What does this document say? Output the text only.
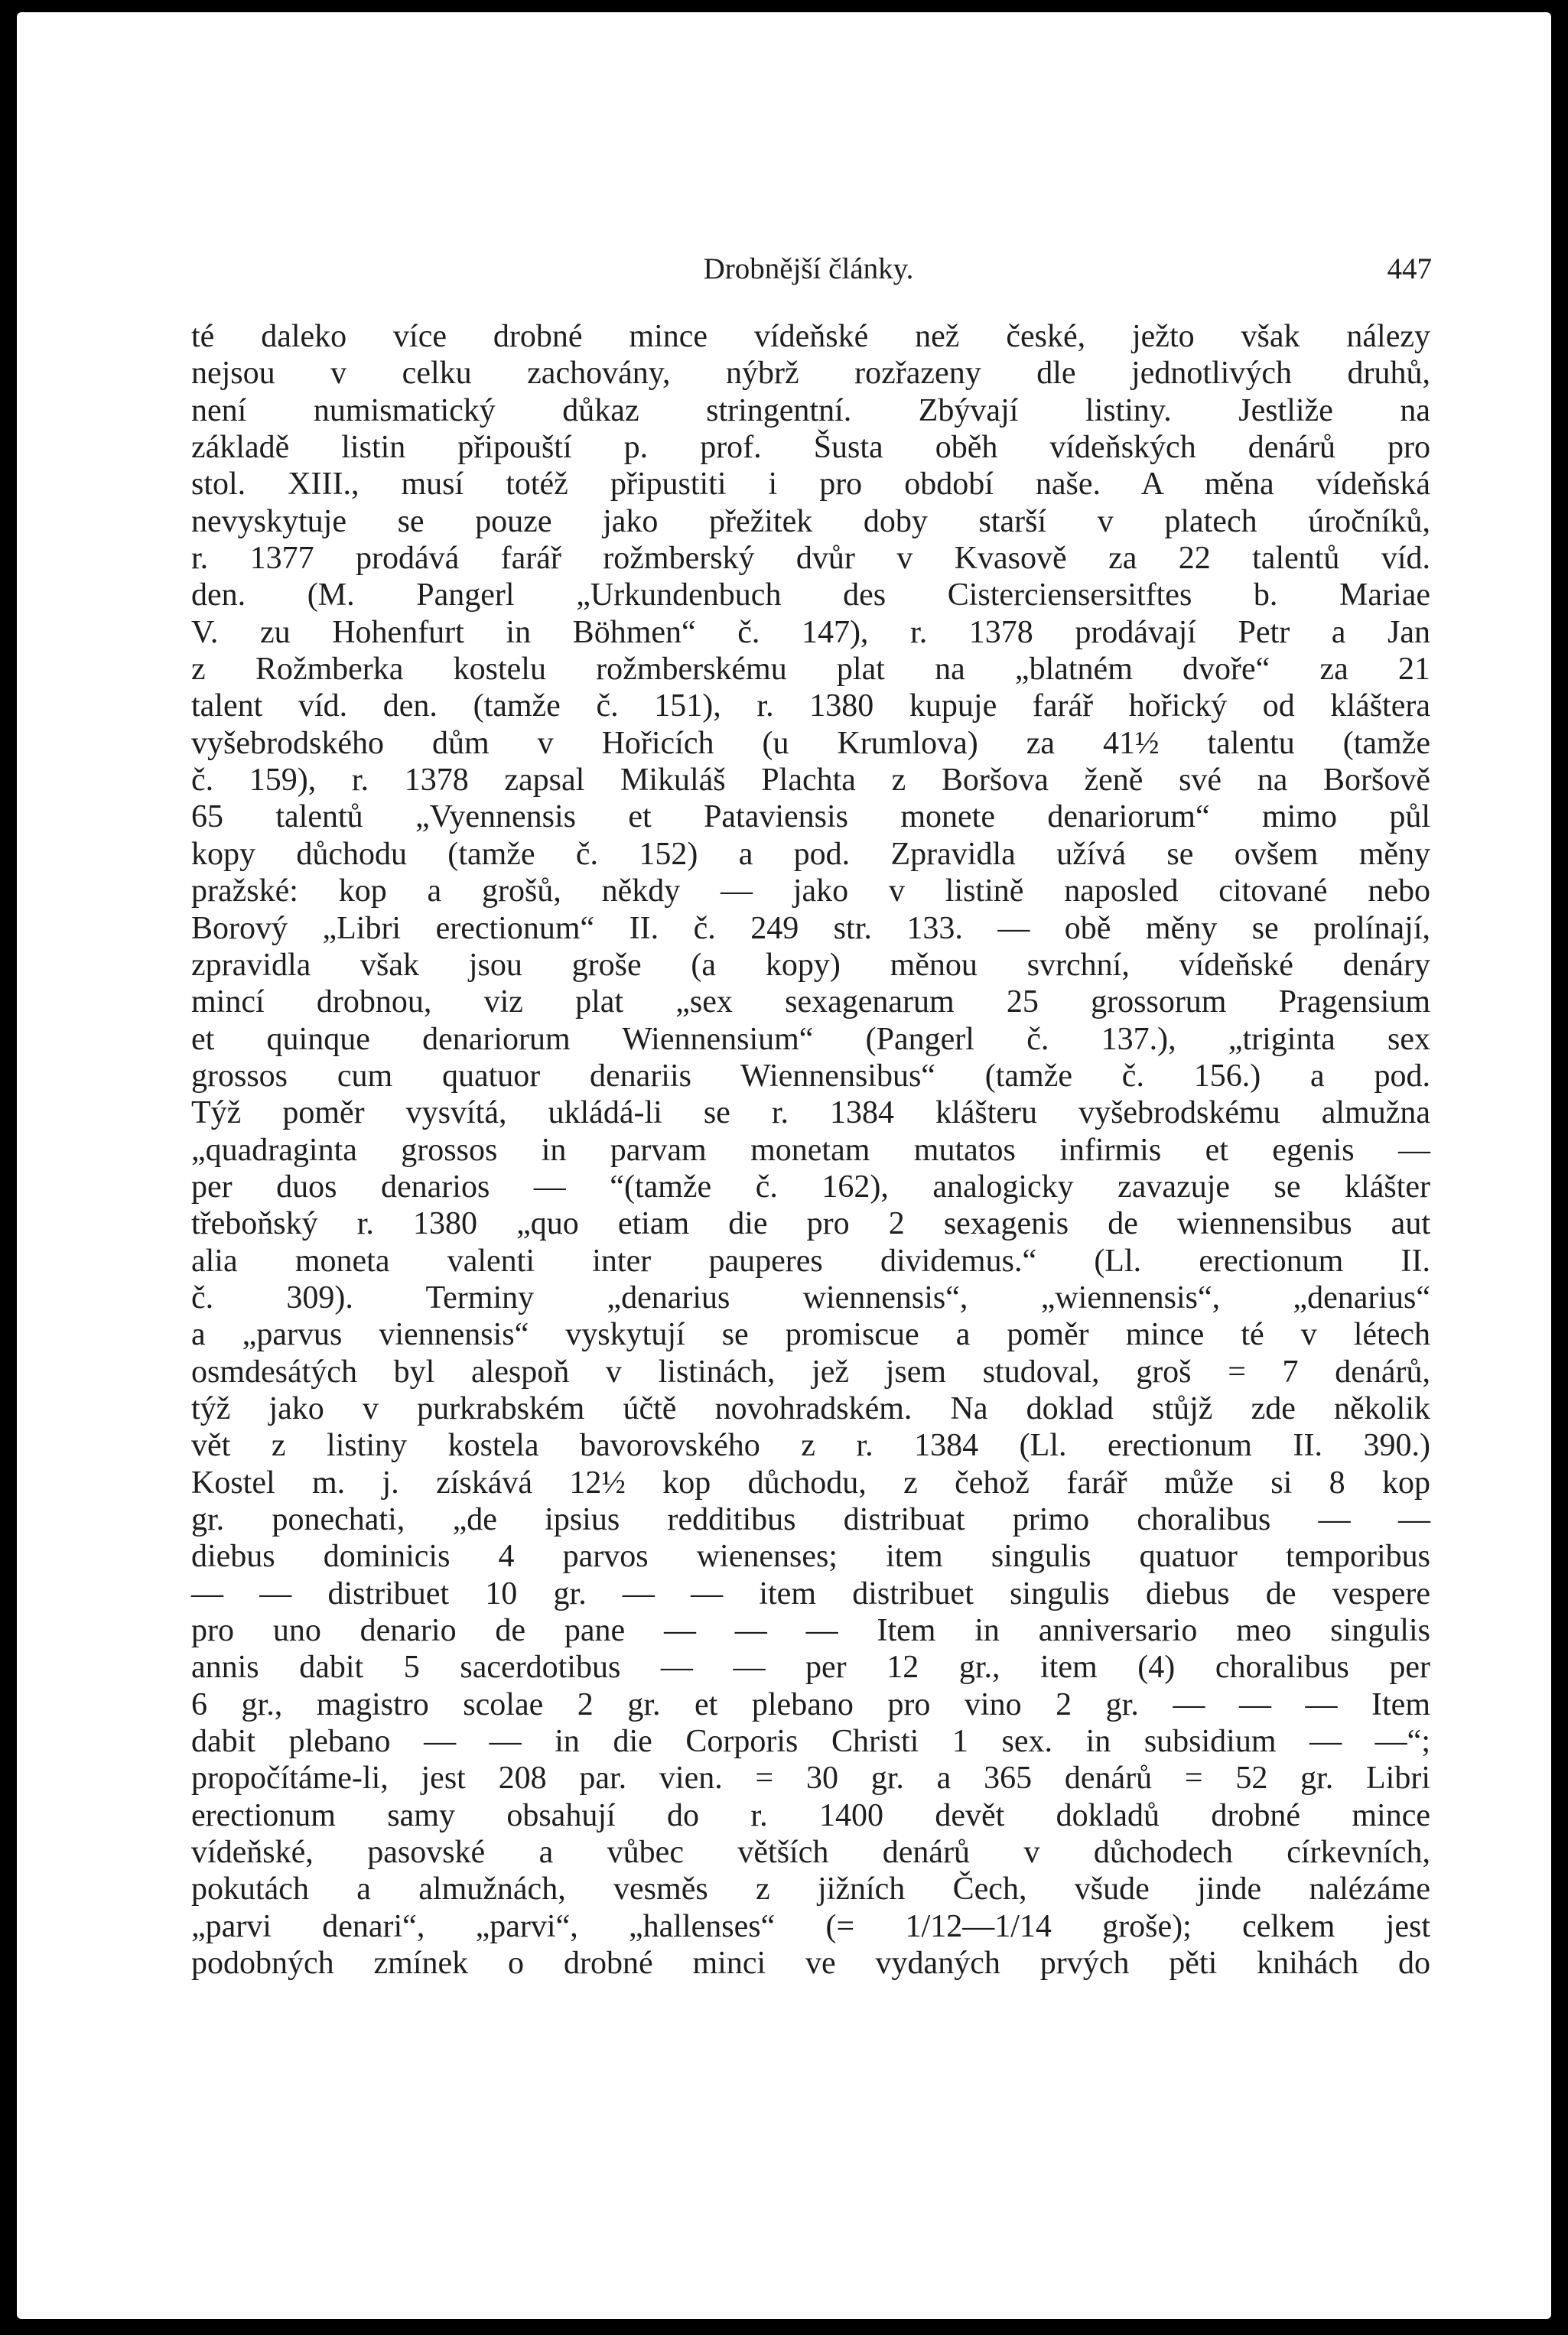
Drobnější články.	447
té daleko více drobné mince vídeňské než české, ježto však nálezy
nejsou v celku zachovány, nýbrž rozřazeny dle jednotlivých druhů,
není numismatický důkaz stringentní. Zbývají listiny. Jestliže na
základě listin připouští p. prof. Šusta oběh vídeňských denárů pro
stol. XIII., musí totéž připustiti i pro období naše. A měna vídeňská
nevyskytuje se pouze jako přežitek doby starší v platech úročníků,
r. 1377 prodává farář rožmberský dvůr v Kvasově za 22 talentů víd.
den. (M. Pangerl „Urkundenbuch des Cisterciensersitftes b. Mariae
V. zu Hohenfurt in Böhmen“ č. 147), r. 1378 prodávají Petr a Jan
z Rožmberka kostelu rožmberskému plat na „blatném dvoře“ za 21
talent víd. den. (tamže č. 151), r. 1380 kupuje farář hořický od kláštera
vyšebrodského dům v Hořicích (u Krumlova) za 41½ talentu (tamže
č. 159), r. 1378 zapsal Mikuláš Plachta z Boršova ženě své na Boršově
65 talentů „Vyennensis et Pataviensis monete denariorum“ mimo půl
kopy důchodu (tamže č. 152) a pod. Zpravidla užívá se ovšem měny
pražské: kop a grošů, někdy — jako v listině naposled citované nebo
Borový „Libri erectionum“ II. č. 249 str. 133. — obě měny se prolínají,
zpravidla však jsou groše (a kopy) měnou svrchní, vídeňské denáry
mincí drobnou, viz plat „sex sexagenarum 25 grossorum Pragensium
et quinque denariorum Wiennensium“ (Pangerl č. 137.), „triginta sex
grossos cum quatuor denariis Wiennensibus“ (tamže č. 156.) a pod.
Týž poměr vysvítá, ukládá-li se r. 1384 klášteru vyšebrodskému almužna
„quadraginta grossos in parvam monetam mutatos infirmis et egenis —
per duos denarios — “(tamže č. 162), analogicky zavazuje se klášter
třeboňský r. 1380 „quo etiam die pro 2 sexagenis de wiennensibus aut
alia moneta valenti inter pauperes dividemus.“ (Ll. erectionum II.
č. 309). Terminy „denarius wiennensis“, „wiennensis“, „denarius“
a „parvus viennensis“ vyskytují se promiscue a poměr mince té v létech
osmdesátých byl alespoň v listinách, jež jsem studoval, groš = 7 denárů,
týž jako v purkrabském účtě novohradském. Na doklad stůjž zde několik
vět z listiny kostela bavorovského z r. 1384 (Ll. erectionum II. 390.)
Kostel m. j. získává 12½ kop důchodu, z čehož farář může si 8 kop
gr. ponechati, „de ipsius redditibus distribuat primo choralibus — —
diebus dominicis 4 parvos wienenses; item singulis quatuor temporibus
— — distribuet 10 gr. — — item distribuet singulis diebus de vespere
pro uno denario de pane — — — Item in anniversario meo singulis
annis dabit 5 sacerdotibus — — per 12 gr., item (4) choralibus per
6 gr., magistro scolae 2 gr. et plebano pro vino 2 gr. — — — Item
dabit plebano — — in die Corporis Christi 1 sex. in subsidium — —“;
propočítáme-li, jest 208 par. vien. = 30 gr. a 365 denárů = 52 gr. Libri
erectionum samy obsahují do r. 1400 devět dokladů drobné mince
vídeňské, pasovské a vůbec větších denárů v důchodech církevních,
pokutách a almužnách, vesměs z jižních Čech, všude jinde nalézáme
„parvi denari“, „parvi“, „hallenses“ (= 1/12—1/14 groše); celkem jest
podobných zmínek o drobné minci ve vydaných prvých pěti knihách do
